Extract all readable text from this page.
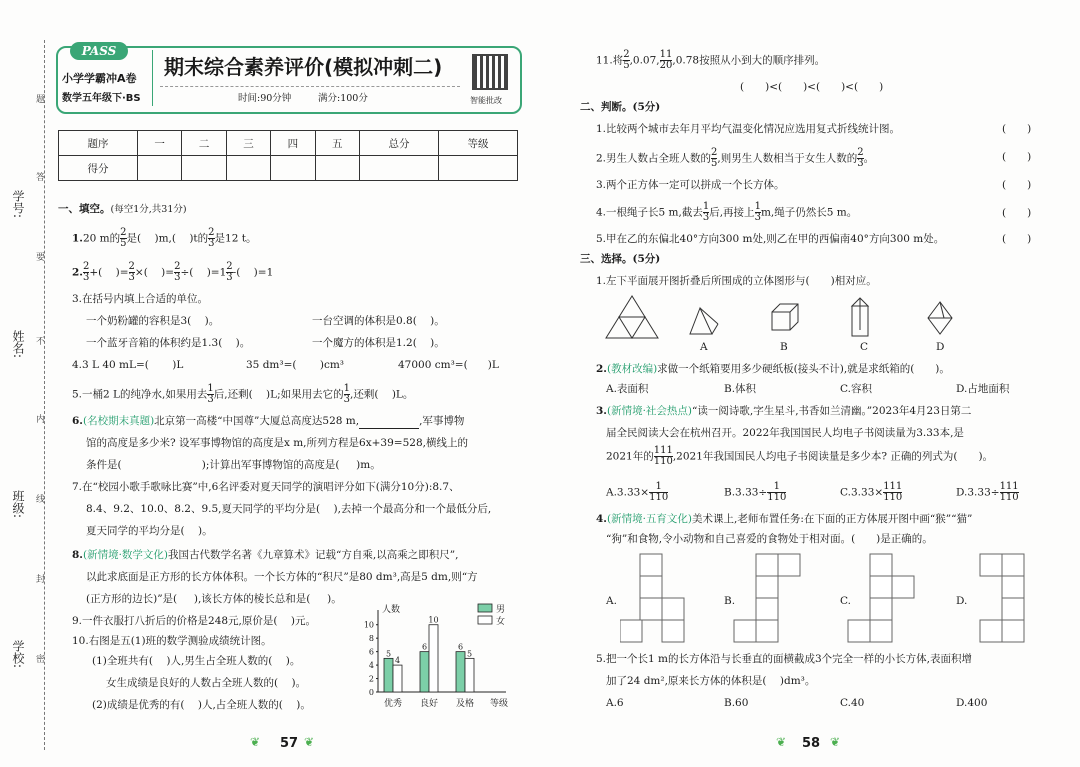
学号:
姓名:
班级:
学校:
题
答
要
不
内
线
封
密
PASS
小学学霸冲A卷
数学五年级下·BS
期末综合素养评价(模拟冲刺二)
时间:90分钟	满分:100分	智能批改
题序	一	二	三	四	五	总分	等级
得分							
一、填空。(每空1分,共31分)
1.20 m的 $\frac{2}{5}$ 是( )m,( )t的 $\frac{2}{3}$ 是12 t。
2. $\frac{2}{3}$ +( )= $\frac{2}{3}$ ×( )= $\frac{2}{3}$ ÷( )$=1 \frac{2}{3}$ -( )=1
3.在括号内填上合适的单位。
一个奶粉罐的容积是3( )。	一台空调的体积是0.8( )。
一个蓝牙音箱的体积约是1.3( )。	一个魔方的体积是1.2( )。
4.3 L 40 mL=( )L	35 dm³=( )cm³	47000 cm³=( )L
5.一桶2 L的纯净水,如果用去 $\frac{1}{3}$ 后,还剩( )L;如果用去它的 $\frac{1}{3}$ ,还剩( )L。
6.(名校期末真题)北京第一高楼“中国尊”大厦总高度达528 m,	,军事博物
馆的高度是多少米? 设军事博物馆的高度是x m,所列方程是6x+39=528,横线上的
条件是(	);计算出军事博物馆的高度是( )m。
7.在“校园小歌手歌咏比赛”中,6名评委对夏天同学的演唱评分如下(满分10分):8.7、
8.4、9.2、10.0、8.2、9.5,夏天同学的平均分是( ),去掉一个最高分和一个最低分后,
夏天同学的平均分是( )。
8.(新情境·数学文化)我国古代数学名著《九章算术》记载“方自乘,以高乘之即积尺”,
以此求底面是正方形的长方体体积。一个长方体的“积尺”是80 dm³,高是5 dm,则“方
(正方形的边长)”是( ),该长方体的棱长总和是( )。
9.一件衣服打八折后的价格是248元,原价是( )元。
10.右图是五(1)班的数学测验成绩统计图。
(1)全班共有( )人,男生占全班人数的( )。
女生成绩是良好的人数占全班人数的( )。
(2)成绩是优秀的有( )人,占全班人数的( )。
人数
等级
0
2
4
6
8
10
5
4
优秀
6
10
良好
6
5
及格
男
女
❦ 57 ❦
11.将 $\frac{2}{5} ,0.07$, $\frac{11}{20} ,0.78$按照从小到大的顺序排列。
(　　)<(　　)<(　　)<(　　)
二、判断。(5分)
1.比较两个城市去年月平均气温变化情况应选用复式折线统计图。	(　　)
2.男生人数占全班人数的 $\frac{2}{5}$ ,则男生人数相当于女生人数的 $\frac{2}{3}$ 。	(　　)
3.两个正方体一定可以拼成一个长方体。	(　　)
4.一根绳子长5 m,截去 $\frac{1}{3}$ 后,再接上 $\frac{1}{3} m$,绳子仍然长5 m。	(　　)
5.甲在乙的东偏北40°方向300 m处,则乙在甲的西偏南40°方向300 m处。	(　　)
三、选择。(5分)
1.左下平面展开图折叠后所围成的立体图形与(　　)相对应。
A	B	C	D
2.(教材改编)求做一个纸箱要用多少硬纸板(接头不计),就是求纸箱的(　　)。
A.表面积	B.体积	C.容积	D.占地面积
3.(新情境·社会热点)“读一阅诗歌,字生星斗,书香如兰清幽。”2023年4月23日第二
届全民阅读大会在杭州召开。2022年我国国民人均电子书阅读量为3.33本,是
2021年的 $\frac{111}{110} ,2021$年我国国民人均电子书阅读量是多少本? 正确的列式为(　　)。
$A.3.33\times \frac{1}{110}$	$B.3.33\div \frac{1}{110}$	$C.3.33\times \frac{111}{110}$	$D.3.33\div \frac{111}{110}$
4.(新情境·五育文化)美术课上,老师布置任务:在下面的正方体展开图中画“猴”“猫”
“狗”和食物,令小动物和自己喜爱的食物处于相对面。(　　)是正确的。
A.	B.	C.	D.
5.把一个长1 m的长方体沿与长垂直的面横截成3个完全一样的小长方体,表面积增
加了24 dm²,原来长方体的体积是( )dm³。
A.6	B.60	C.40	D.400
❦ 58 ❦
